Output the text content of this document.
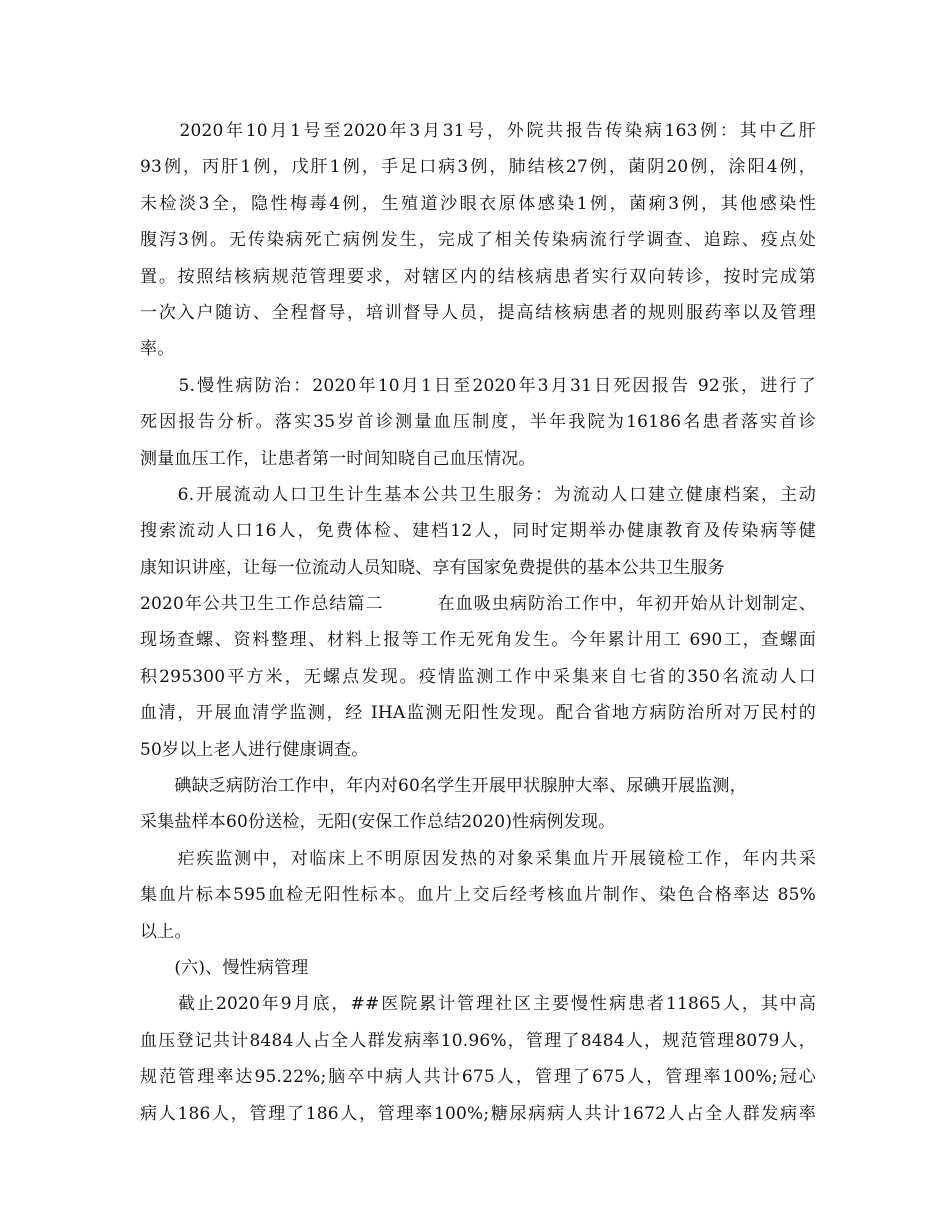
　　2020年10月1号至2020年3月31号，外院共报告传染病163例：其中乙肝
93例，丙肝1例，戊肝1例，手足口病3例，肺结核27例，菌阴20例，涂阳4例，
未检淡3全，隐性梅毒4例，生殖道沙眼衣原体感染1例，菌痢3例，其他感染性
腹泻3例。无传染病死亡病例发生，完成了相关传染病流行学调查、追踪、疫点处
置。按照结核病规范管理要求，对辖区内的结核病患者实行双向转诊，按时完成第
一次入户随访、全程督导，培训督导人员，提高结核病患者的规则服药率以及管理
率。
　　5.慢性病防治：2020年10月1日至2020年3月31日死因报告 92张，进行了
死因报告分析。落实35岁首诊测量血压制度，半年我院为16186名患者落实首诊
测量血压工作，让患者第一时间知晓自己血压情况。
　　6.开展流动人口卫生计生基本公共卫生服务：为流动人口建立健康档案，主动
搜索流动人口16人，免费体检、建档12人，同时定期举办健康教育及传染病等健
康知识讲座，让每一位流动人员知晓、享有国家免费提供的基本公共卫生服务
2020年公共卫生工作总结篇二　　　在血吸虫病防治工作中，年初开始从计划制定、
现场查螺、资料整理、材料上报等工作无死角发生。今年累计用工 690工，查螺面
积295300平方米，无螺点发现。疫情监测工作中采集来自七省的350名流动人口
血清，开展血清学监测，经 IHA监测无阳性发现。配合省地方病防治所对万民村的
50岁以上老人进行健康调查。
　　碘缺乏病防治工作中，年内对60名学生开展甲状腺肿大率、尿碘开展监测，
采集盐样本60份送检，无阳(安保工作总结2020)性病例发现。
　　疟疾监测中，对临床上不明原因发热的对象采集血片开展镜检工作，年内共采
集血片标本595血检无阳性标本。血片上交后经考核血片制作、染色合格率达 85%
以上。
　　(六)、慢性病管理
　　截止2020年9月底，##医院累计管理社区主要慢性病患者11865人，其中高
血压登记共计8484人占全人群发病率10.96%，管理了8484人，规范管理8079人，
规范管理率达95.22%;脑卒中病人共计675人，管理了675人，管理率100%;冠心
病人186人，管理了186人，管理率100%;糖尿病病人共计1672人占全人群发病率
